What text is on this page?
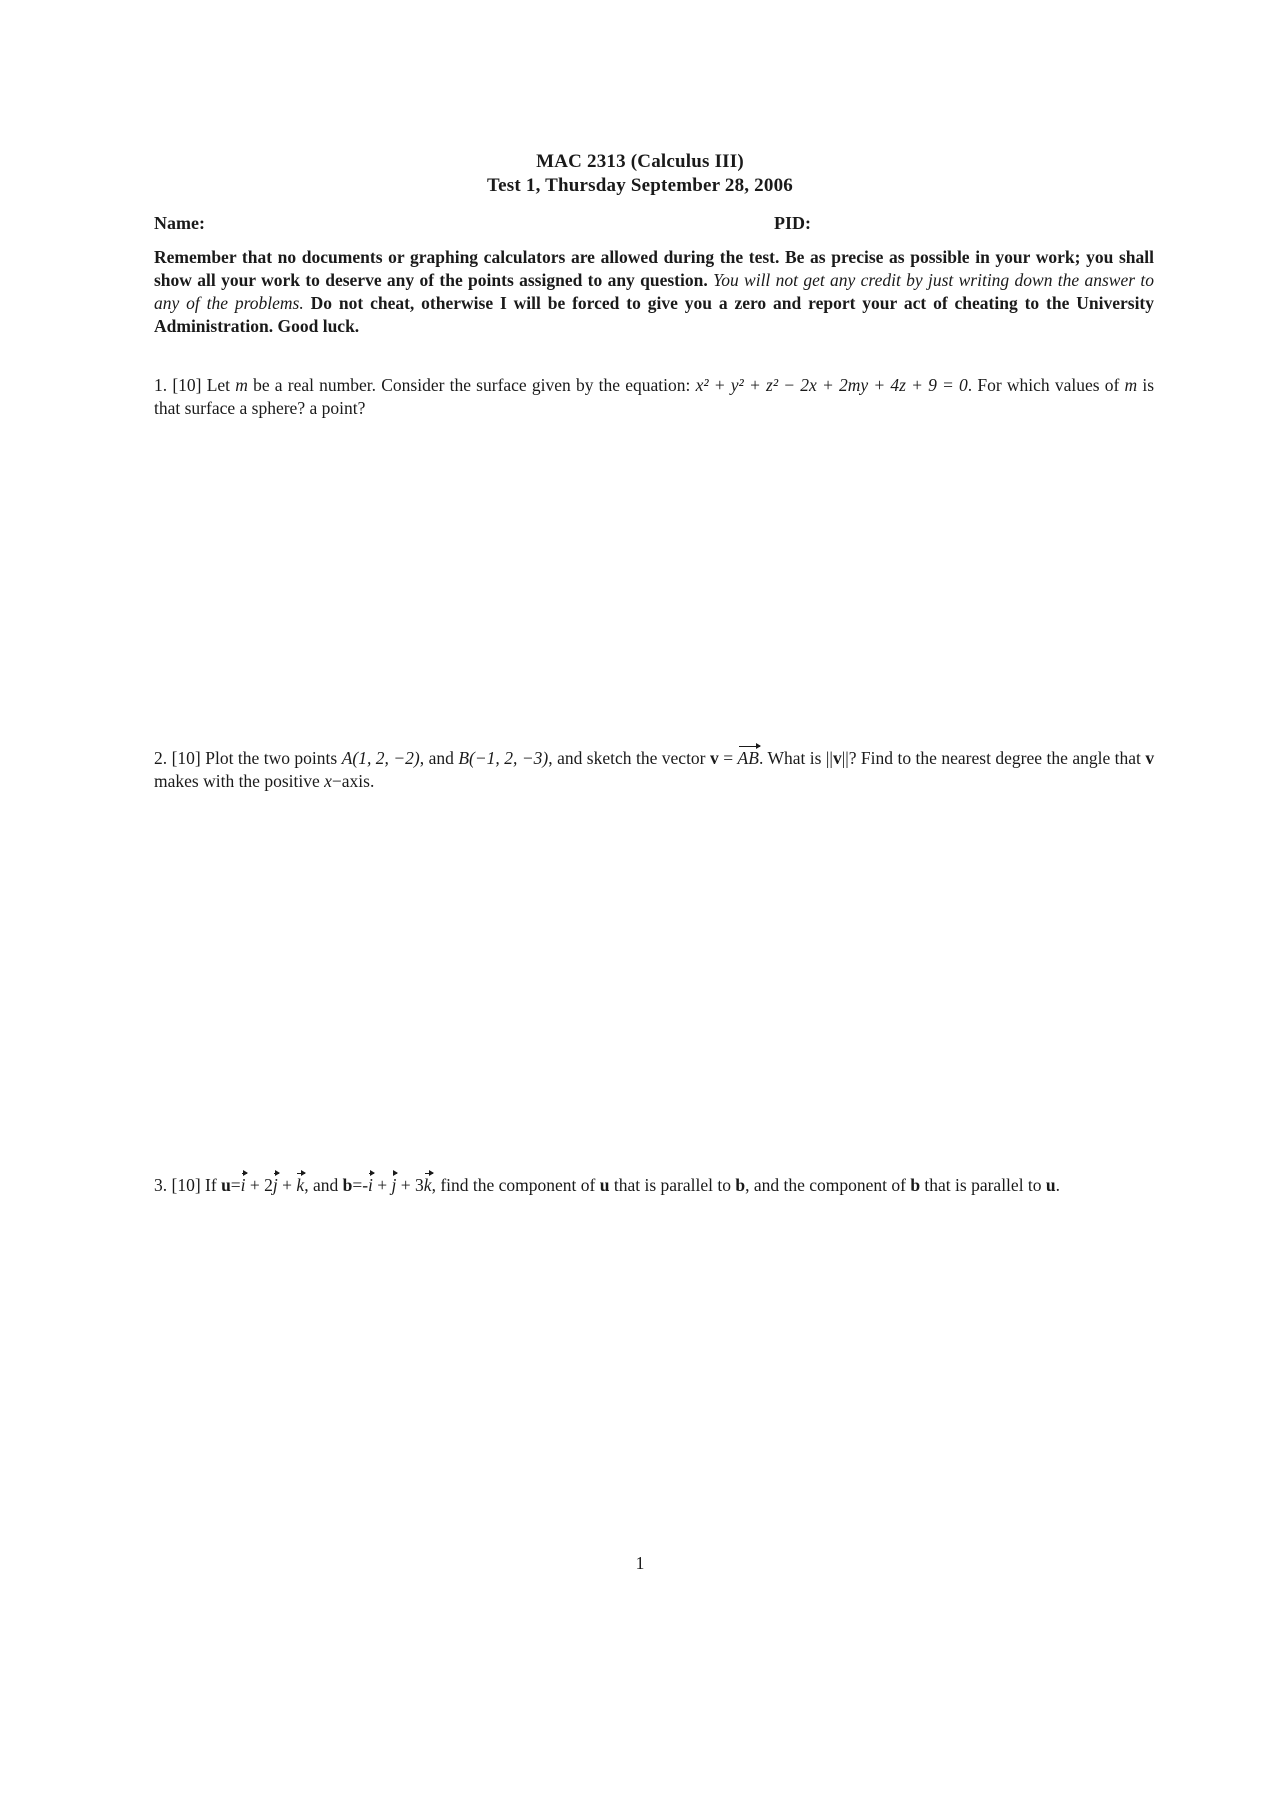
MAC 2313 (Calculus III)
Test 1, Thursday September 28, 2006
Name:	PID:
Remember that no documents or graphing calculators are allowed during the test. Be as precise as possible in your work; you shall show all your work to deserve any of the points assigned to any question. You will not get any credit by just writing down the answer to any of the problems. Do not cheat, otherwise I will be forced to give you a zero and report your act of cheating to the University Administration. Good luck.
1. [10] Let m be a real number. Consider the surface given by the equation: x² + y² + z² − 2x + 2my + 4z + 9 = 0. For which values of m is that surface a sphere? a point?
2. [10] Plot the two points A(1, 2, −2), and B(−1, 2, −3), and sketch the vector v = AB. What is ||v||? Find to the nearest degree the angle that v makes with the positive x−axis.
3. [10] If u=i + 2j + k, and b=-i + j + 3k, find the component of u that is parallel to b, and the component of b that is parallel to u.
1
